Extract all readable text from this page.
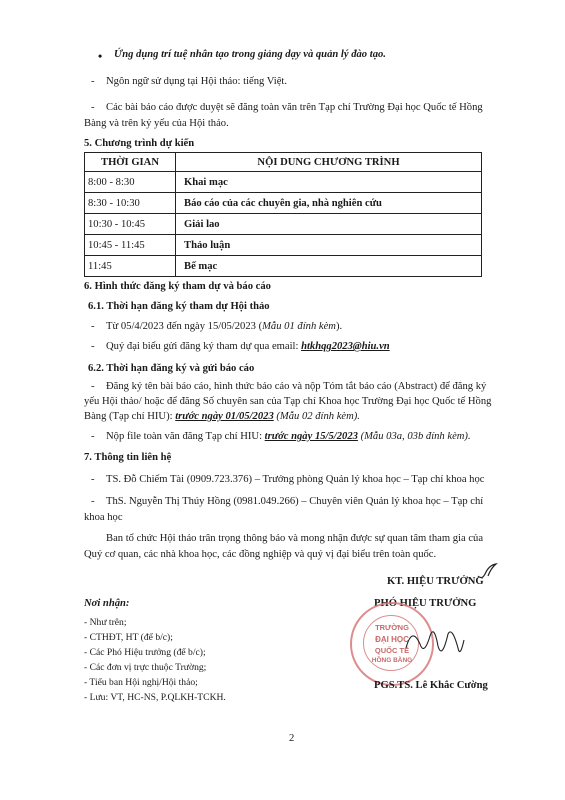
• Ứng dụng trí tuệ nhân tạo trong giảng dạy và quản lý đào tạo.
- Ngôn ngữ sử dụng tại Hội thảo: tiếng Việt.
- Các bài báo cáo được duyệt sẽ đăng toàn văn trên Tạp chí Trường Đại học Quốc tế Hồng
Bàng và trên kỷ yếu của Hội thảo.
5. Chương trình dự kiến
THỜI GIAN	NỘI DUNG CHƯƠNG TRÌNH
8:00 - 8:30	Khai mạc
8:30 - 10:30	Báo cáo của các chuyên gia, nhà nghiên cứu
10:30 - 10:45	Giải lao
10:45 - 11:45	Thảo luận
11:45	Bế mạc
6. Hình thức đăng ký tham dự và báo cáo
6.1. Thời hạn đăng ký tham dự Hội thảo
- Từ 05/4/2023 đến ngày 15/05/2023 (Mẫu 01 đính kèm).
- Quý đại biểu gửi đăng ký tham dự qua email: htkhqg2023@hiu.vn
6.2. Thời hạn đăng ký và gửi báo cáo
- Đăng ký tên bài báo cáo, hình thức báo cáo và nộp Tóm tắt báo cáo (Abstract) để đăng ký
yếu Hội thảo/ hoặc để đăng Số chuyên san của Tạp chí Khoa học Trường Đại học Quốc tế Hồng
Bàng (Tạp chí HIU): trước ngày 01/05/2023 (Mẫu 02 đính kèm).
- Nộp file toàn văn đăng Tạp chí HIU: trước ngày 15/5/2023 (Mẫu 03a, 03b đính kèm).
7. Thông tin liên hệ
- TS. Đỗ Chiếm Tài (0909.723.376) – Trưởng phòng Quản lý khoa học – Tạp chí khoa học
- ThS. Nguyễn Thị Thúy Hồng (0981.049.266) – Chuyên viên Quản lý khoa học – Tạp chí
khoa học
Ban tổ chức Hội thảo trân trọng thông báo và mong nhận được sự quan tâm tham gia của
Quý cơ quan, các nhà khoa học, các đồng nghiệp và quý vị đại biểu trên toàn quốc.
KT. HIỆU TRƯỞNG
PHÓ HIỆU TRƯỞNG
TRƯỜNG
ĐẠI HỌC
QUỐC TẾ
HỒNG BÀNG
PGS.TS. Lê Khắc Cường
Nơi nhận:
- Như trên;
- CTHĐT, HT (để b/c);
- Các Phó Hiệu trưởng (để b/c);
- Các đơn vị trực thuộc Trường;
- Tiểu ban Hội nghị/Hội thảo;
- Lưu: VT, HC-NS, P.QLKH-TCKH.
2
